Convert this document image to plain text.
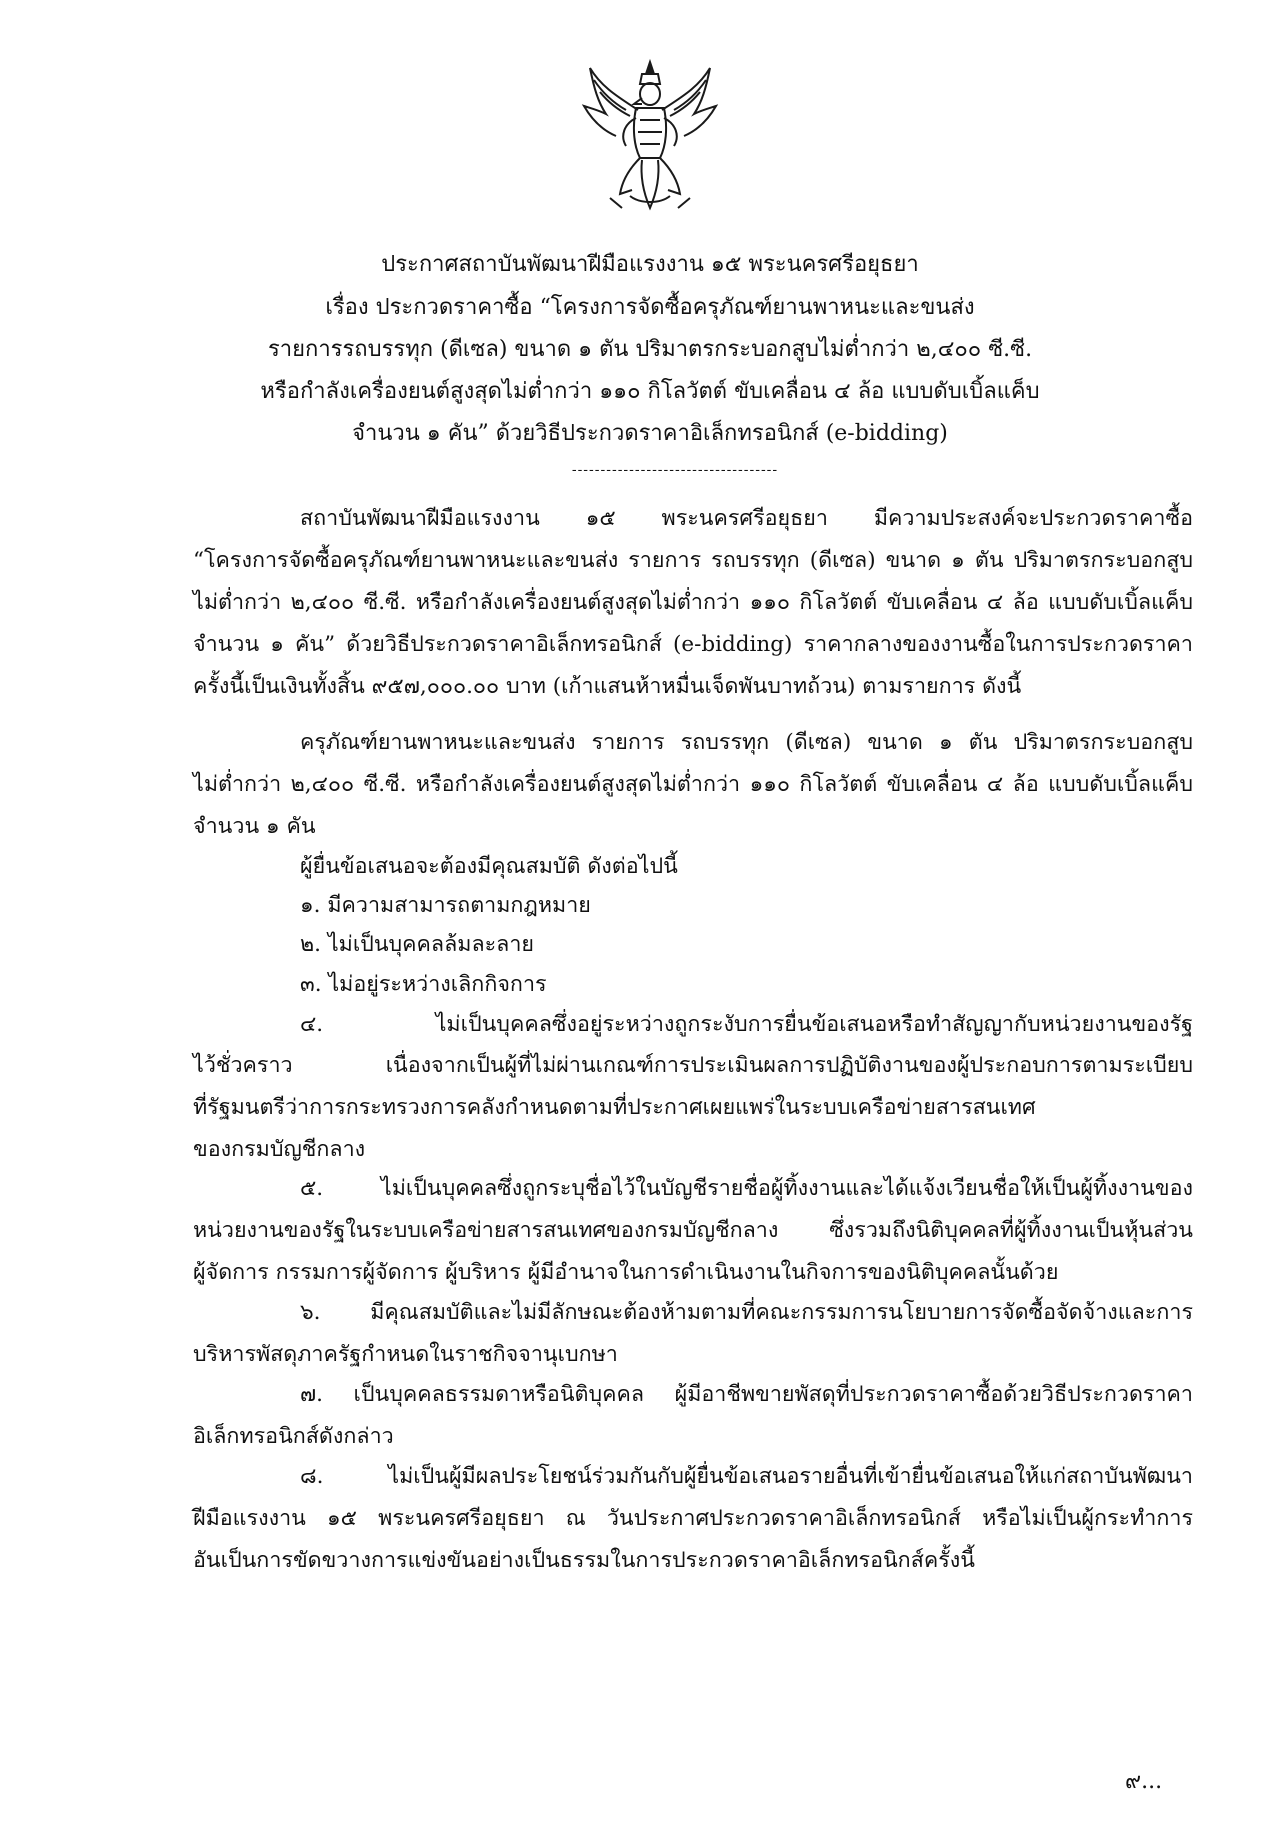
ประกาศสถาบันพัฒนาฝีมือแรงงาน ๑๕ พระนครศรีอยุธยา
เรื่อง ประกวดราคาซื้อ “โครงการจัดซื้อครุภัณฑ์ยานพาหนะและขนส่ง
รายการรถบรรทุก (ดีเซล) ขนาด ๑ ตัน ปริมาตรกระบอกสูบไม่ต่ำกว่า ๒,๔๐๐ ซี.ซี.
หรือกำลังเครื่องยนต์สูงสุดไม่ต่ำกว่า ๑๑๐ กิโลวัตต์ ขับเคลื่อน ๔ ล้อ แบบดับเบิ้ลแค็บ
จำนวน ๑ คัน” ด้วยวิธีประกวดราคาอิเล็กทรอนิกส์ (e-bidding)
------------------------------------
สถาบันพัฒนาฝีมือแรงงาน ๑๕ พระนครศรีอยุธยา มีความประสงค์จะประกวดราคาซื้อ
“โครงการจัดซื้อครุภัณฑ์ยานพาหนะและขนส่ง รายการ รถบรรทุก (ดีเซล) ขนาด ๑ ตัน ปริมาตรกระบอกสูบ
ไม่ต่ำกว่า ๒,๔๐๐ ซี.ซี. หรือกำลังเครื่องยนต์สูงสุดไม่ต่ำกว่า ๑๑๐ กิโลวัตต์ ขับเคลื่อน ๔ ล้อ แบบดับเบิ้ลแค็บ
จำนวน ๑ คัน” ด้วยวิธีประกวดราคาอิเล็กทรอนิกส์ (e-bidding) ราคากลางของงานซื้อในการประกวดราคา
ครั้งนี้เป็นเงินทั้งสิ้น ๙๕๗,๐๐๐.๐๐ บาท (เก้าแสนห้าหมื่นเจ็ดพันบาทถ้วน) ตามรายการ ดังนี้
ครุภัณฑ์ยานพาหนะและขนส่ง รายการ รถบรรทุก (ดีเซล) ขนาด ๑ ตัน ปริมาตรกระบอกสูบ
ไม่ต่ำกว่า ๒,๔๐๐ ซี.ซี. หรือกำลังเครื่องยนต์สูงสุดไม่ต่ำกว่า ๑๑๐ กิโลวัตต์ ขับเคลื่อน ๔ ล้อ แบบดับเบิ้ลแค็บ
จำนวน ๑ คัน
ผู้ยื่นข้อเสนอจะต้องมีคุณสมบัติ ดังต่อไปนี้
๑. มีความสามารถตามกฎหมาย
๒. ไม่เป็นบุคคลล้มละลาย
๓. ไม่อยู่ระหว่างเลิกกิจการ
๔. ไม่เป็นบุคคลซึ่งอยู่ระหว่างถูกระงับการยื่นข้อเสนอหรือทำสัญญากับหน่วยงานของรัฐ
ไว้ชั่วคราว เนื่องจากเป็นผู้ที่ไม่ผ่านเกณฑ์การประเมินผลการปฏิบัติงานของผู้ประกอบการตามระเบียบ
ที่รัฐมนตรีว่าการกระทรวงการคลังกำหนดตามที่ประกาศเผยแพร่ในระบบเครือข่ายสารสนเทศ
ของกรมบัญชีกลาง
๕. ไม่เป็นบุคคลซึ่งถูกระบุชื่อไว้ในบัญชีรายชื่อผู้ทิ้งงานและได้แจ้งเวียนชื่อให้เป็นผู้ทิ้งงานของ
หน่วยงานของรัฐในระบบเครือข่ายสารสนเทศของกรมบัญชีกลาง ซึ่งรวมถึงนิติบุคคลที่ผู้ทิ้งงานเป็นหุ้นส่วน
ผู้จัดการ กรรมการผู้จัดการ ผู้บริหาร ผู้มีอำนาจในการดำเนินงานในกิจการของนิติบุคคลนั้นด้วย
๖. มีคุณสมบัติและไม่มีลักษณะต้องห้ามตามที่คณะกรรมการนโยบายการจัดซื้อจัดจ้างและการ
บริหารพัสดุภาครัฐกำหนดในราชกิจจานุเบกษา
๗. เป็นบุคคลธรรมดาหรือนิติบุคคล ผู้มีอาชีพขายพัสดุที่ประกวดราคาซื้อด้วยวิธีประกวดราคา
อิเล็กทรอนิกส์ดังกล่าว
๘. ไม่เป็นผู้มีผลประโยชน์ร่วมกันกับผู้ยื่นข้อเสนอรายอื่นที่เข้ายื่นข้อเสนอให้แก่สถาบันพัฒนา
ฝีมือแรงงาน ๑๕ พระนครศรีอยุธยา ณ วันประกาศประกวดราคาอิเล็กทรอนิกส์ หรือไม่เป็นผู้กระทำการ
อันเป็นการขัดขวางการแข่งขันอย่างเป็นธรรมในการประกวดราคาอิเล็กทรอนิกส์ครั้งนี้
๙...
